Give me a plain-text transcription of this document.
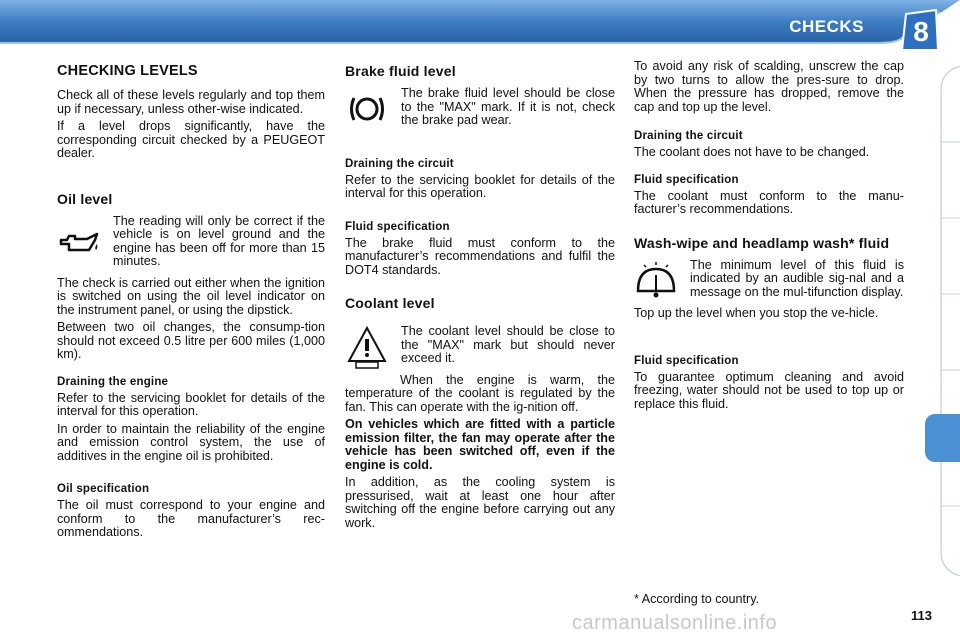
CHECKS	8
CHECKING LEVELS

Check all of these levels regularly and top them up if necessary, unless other-wise indicated.

If a level drops significantly, have the corresponding circuit checked by a PEUGEOT dealer.

Oil level

The reading will only be correct if the vehicle is on level ground and the engine has been off for more than 15 minutes.

The check is carried out either when the ignition is switched on using the oil level indicator on the instrument panel, or using the dipstick.

Between two oil changes, the consump-tion should not exceed 0.5 litre per 600 miles (1,000 km).

Draining the engine

Refer to the servicing booklet for details of the interval for this operation.

In order to maintain the reliability of the engine and emission control system, the use of additives in the engine oil is prohibited.

Oil specification

The oil must correspond to your engine and conform to the manufacturer’s rec-ommendations.

Brake fluid level

The brake fluid level should be close to the "MAX" mark. If it is not, check the brake pad wear.

Draining the circuit

Refer to the servicing booklet for details of the interval for this operation.

Fluid specification

The brake fluid must conform to the manufacturer’s recommendations and fulfil the DOT4 standards.

Coolant level

The coolant level should be close to the "MAX" mark but should never exceed it.

When the engine is warm, the temperature of the coolant is regulated by the fan. This can operate with the ig-nition off.

On vehicles which are fitted with a particle emission filter, the fan may operate after the vehicle has been switched off, even if the engine is cold.

In addition, as the cooling system is pressurised, wait at least one hour after switching off the engine before carrying out any work.

To avoid any risk of scalding, unscrew the cap by two turns to allow the pres-sure to drop. When the pressure has dropped, remove the cap and top up the level.

Draining the circuit

The coolant does not have to be changed.

Fluid specification

The coolant must conform to the manu-facturer’s recommendations.

Wash-wipe and headlamp wash* fluid

The minimum level of this fluid is indicated by an audible sig-nal and a message on the mul-tifunction display.

Top up the level when you stop the ve-hicle.

Fluid specification

To guarantee optimum cleaning and avoid freezing, water should not be used to top up or replace this fluid.

* According to country.
carmanualsonline.info	113
